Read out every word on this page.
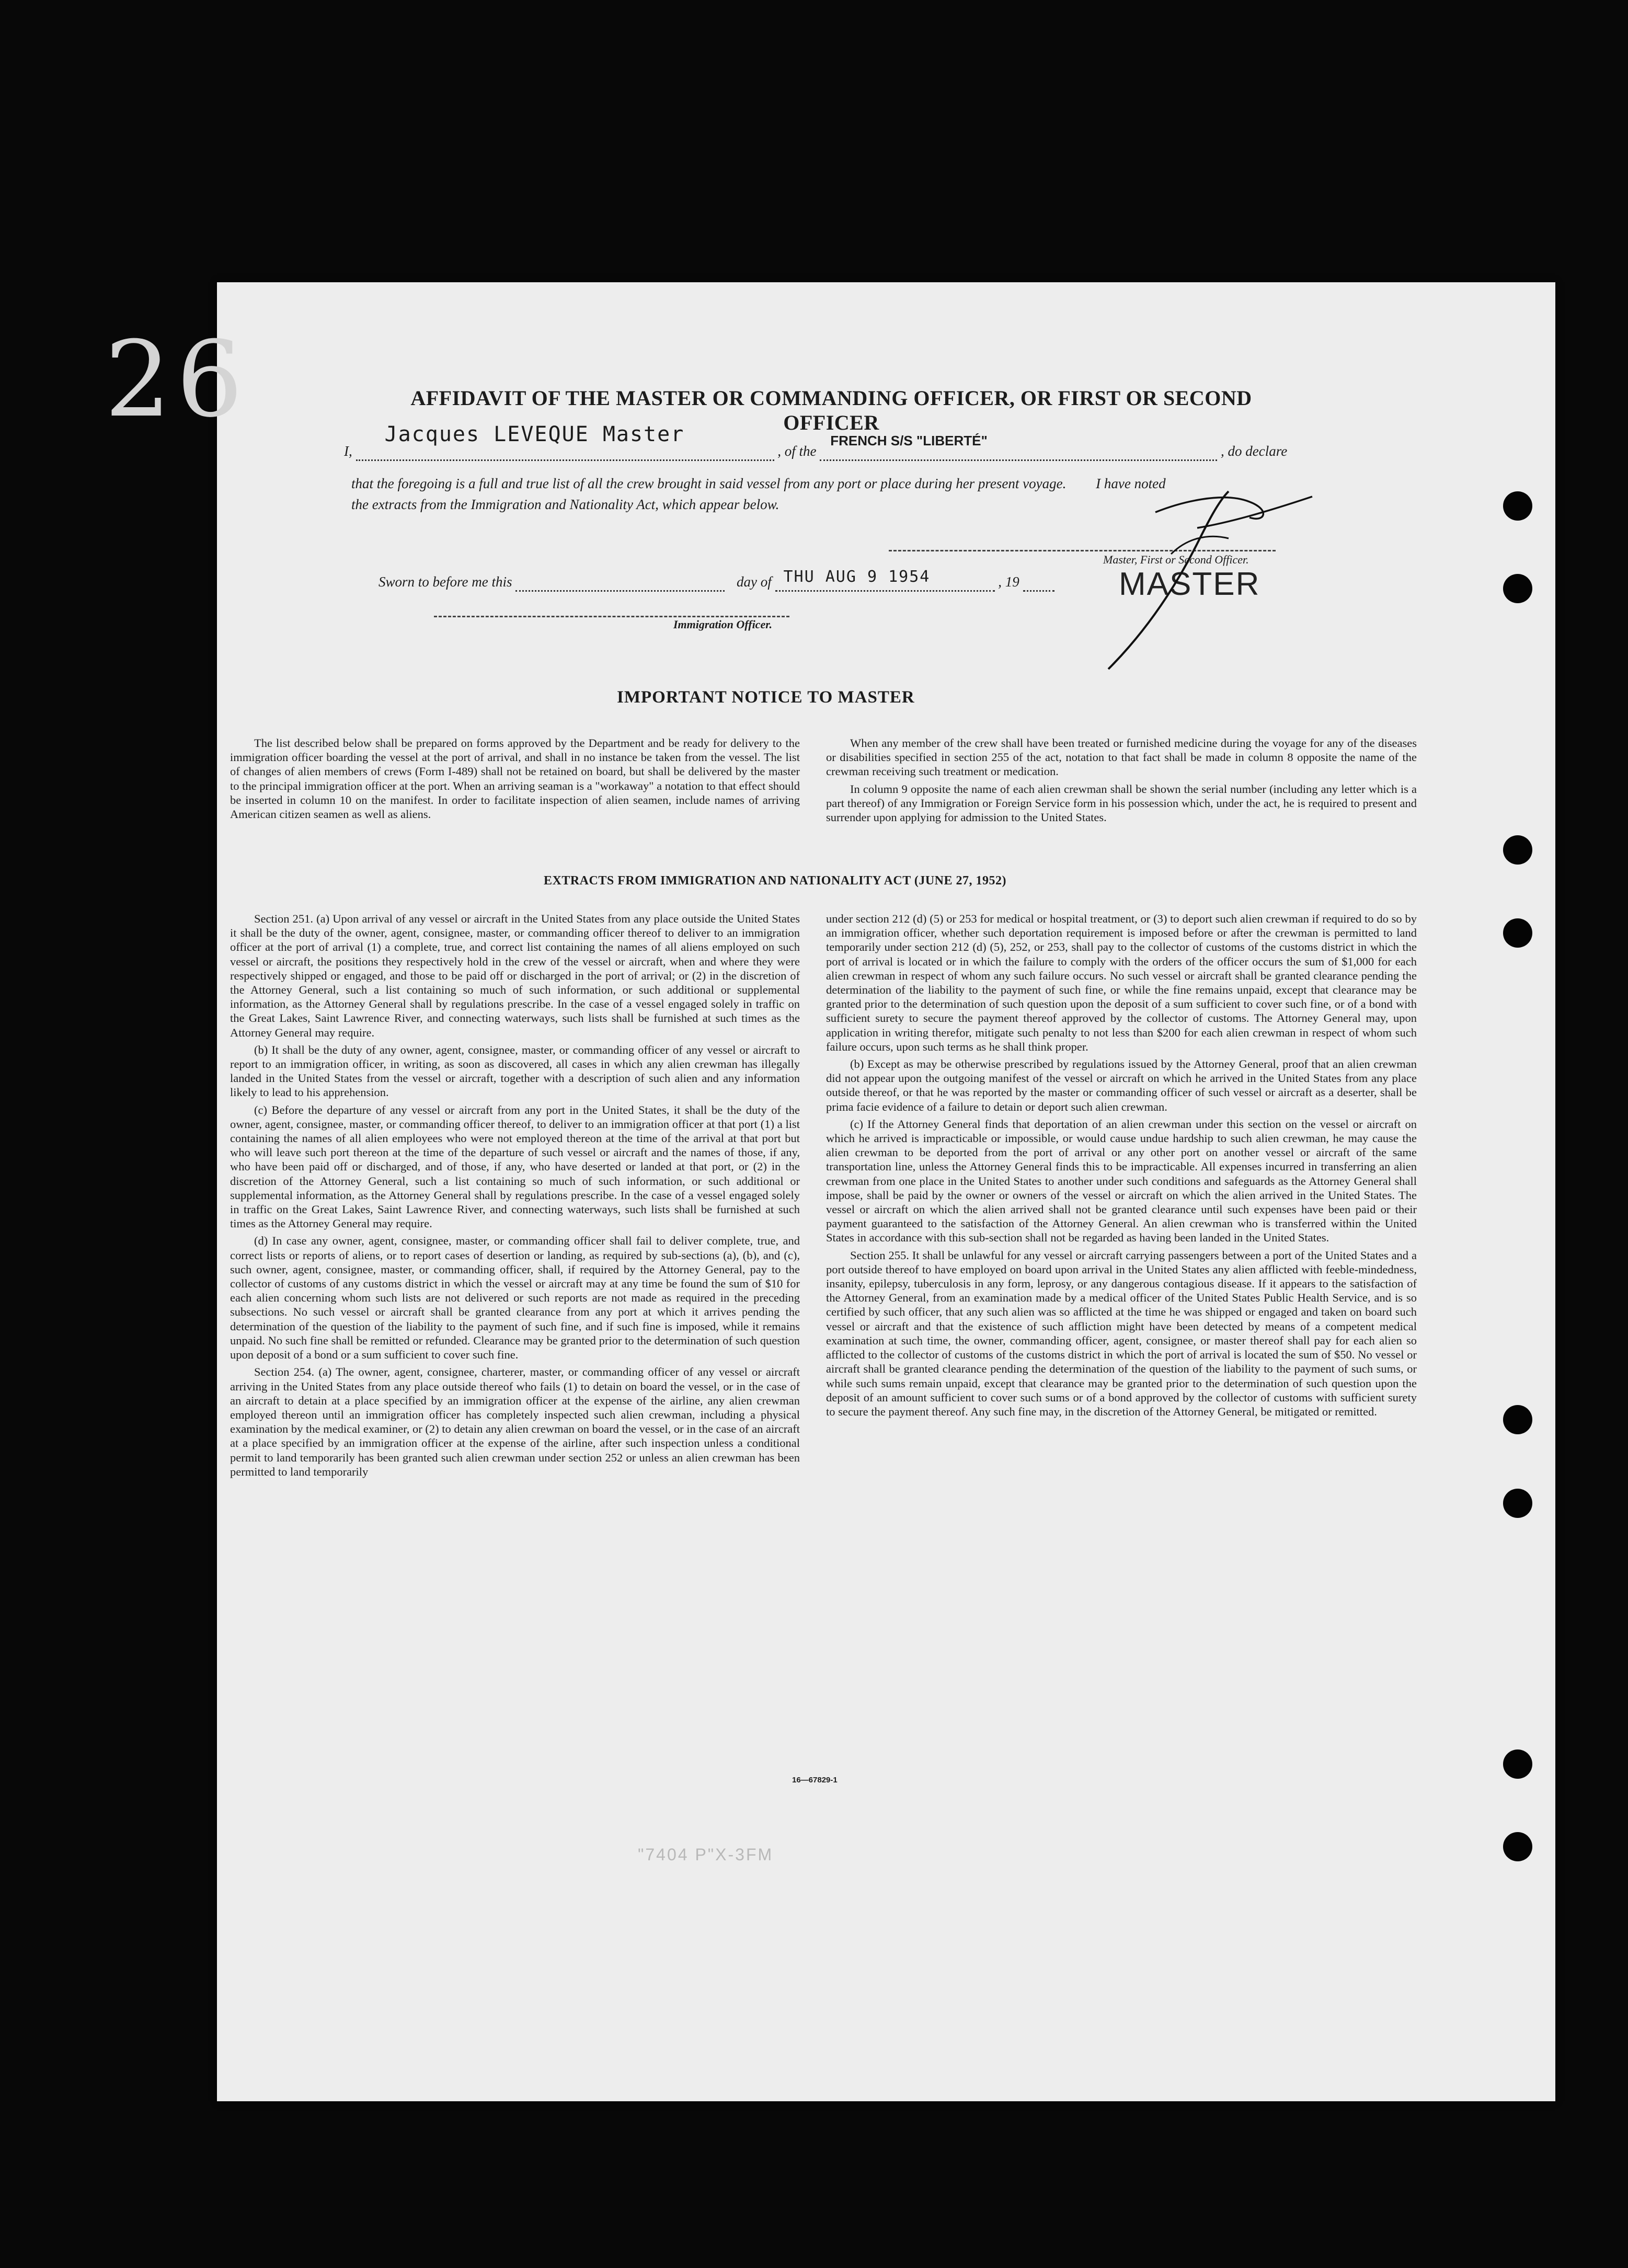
26	AFFIDAVIT OF THE MASTER OR COMMANDING OFFICER, OR FIRST OR SECOND OFFICER
I,
Jacques LEVEQUE Master
, of the
FRENCH S/S "LIBERTÉ"
, do declare
that the foregoing is a full and true list of all the crew brought in said vessel from any port or place during her present voyage. I have noted
the extracts from the Immigration and Nationality Act, which appear below.
Master, First or Second Officer.
Sworn to before me this	day of THU AUG 9 1954	, 19	MASTER
Immigration Officer.
IMPORTANT NOTICE TO MASTER

The list described below shall be prepared on forms approved by the Department and be ready for delivery to the immigration officer boarding the vessel at the port of arrival, and shall in no instance be taken from the vessel. The list of changes of alien members of crews (Form I-489) shall not be retained on board, but shall be delivered by the master to the principal immigration officer at the port. When an arriving seaman is a "workaway" a notation to that effect should be inserted in column 10 on the manifest. In order to facilitate inspection of alien seamen, include names of arriving American citizen seamen as well as aliens.

When any member of the crew shall have been treated or furnished medicine during the voyage for any of the diseases or disabilities specified in section 255 of the act, notation to that fact shall be made in column 8 opposite the name of the crewman receiving such treatment or medication.

In column 9 opposite the name of each alien crewman shall be shown the serial number (including any letter which is a part thereof) of any Immigration or Foreign Service form in his possession which, under the act, he is required to present and surrender upon applying for admission to the United States.

EXTRACTS FROM IMMIGRATION AND NATIONALITY ACT (JUNE 27, 1952)

Section 251. (a) Upon arrival of any vessel or aircraft in the United States from any place outside the United States it shall be the duty of the owner, agent, consignee, master, or commanding officer thereof to deliver to an immigration officer at the port of arrival (1) a complete, true, and correct list containing the names of all aliens employed on such vessel or aircraft, the positions they respectively hold in the crew of the vessel or aircraft, when and where they were respectively shipped or engaged, and those to be paid off or discharged in the port of arrival; or (2) in the discretion of the Attorney General, such a list containing so much of such information, or such additional or supplemental information, as the Attorney General shall by regulations prescribe. In the case of a vessel engaged solely in traffic on the Great Lakes, Saint Lawrence River, and connecting waterways, such lists shall be furnished at such times as the Attorney General may require.

(b) It shall be the duty of any owner, agent, consignee, master, or commanding officer of any vessel or aircraft to report to an immigration officer, in writing, as soon as discovered, all cases in which any alien crewman has illegally landed in the United States from the vessel or aircraft, together with a description of such alien and any information likely to lead to his apprehension.

(c) Before the departure of any vessel or aircraft from any port in the United States, it shall be the duty of the owner, agent, consignee, master, or commanding officer thereof, to deliver to an immigration officer at that port (1) a list containing the names of all alien employees who were not employed thereon at the time of the arrival at that port but who will leave such port thereon at the time of the departure of such vessel or aircraft and the names of those, if any, who have been paid off or discharged, and of those, if any, who have deserted or landed at that port, or (2) in the discretion of the Attorney General, such a list containing so much of such information, or such additional or supplemental information, as the Attorney General shall by regulations prescribe. In the case of a vessel engaged solely in traffic on the Great Lakes, Saint Lawrence River, and connecting waterways, such lists shall be furnished at such times as the Attorney General may require.

(d) In case any owner, agent, consignee, master, or commanding officer shall fail to deliver complete, true, and correct lists or reports of aliens, or to report cases of desertion or landing, as required by sub-sections (a), (b), and (c), such owner, agent, consignee, master, or commanding officer, shall, if required by the Attorney General, pay to the collector of customs of any customs district in which the vessel or aircraft may at any time be found the sum of $10 for each alien concerning whom such lists are not delivered or such reports are not made as required in the preceding subsections. No such vessel or aircraft shall be granted clearance from any port at which it arrives pending the determination of the question of the liability to the payment of such fine, and if such fine is imposed, while it remains unpaid. No such fine shall be remitted or refunded. Clearance may be granted prior to the determination of such question upon deposit of a bond or a sum sufficient to cover such fine.

Section 254. (a) The owner, agent, consignee, charterer, master, or commanding officer of any vessel or aircraft arriving in the United States from any place outside thereof who fails (1) to detain on board the vessel, or in the case of an aircraft to detain at a place specified by an immigration officer at the expense of the airline, any alien crewman employed thereon until an immigration officer has completely inspected such alien crewman, including a physical examination by the medical examiner, or (2) to detain any alien crewman on board the vessel, or in the case of an aircraft at a place specified by an immigration officer at the expense of the airline, after such inspection unless a conditional permit to land temporarily has been granted such alien crewman under section 252 or unless an alien crewman has been permitted to land temporarily

under section 212 (d) (5) or 253 for medical or hospital treatment, or (3) to deport such alien crewman if required to do so by an immigration officer, whether such deportation requirement is imposed before or after the crewman is permitted to land temporarily under section 212 (d) (5), 252, or 253, shall pay to the collector of customs of the customs district in which the port of arrival is located or in which the failure to comply with the orders of the officer occurs the sum of $1,000 for each alien crewman in respect of whom any such failure occurs. No such vessel or aircraft shall be granted clearance pending the determination of the liability to the payment of such fine, or while the fine remains unpaid, except that clearance may be granted prior to the determination of such question upon the deposit of a sum sufficient to cover such fine, or of a bond with sufficient surety to secure the payment thereof approved by the collector of customs. The Attorney General may, upon application in writing therefor, mitigate such penalty to not less than $200 for each alien crewman in respect of whom such failure occurs, upon such terms as he shall think proper.

(b) Except as may be otherwise prescribed by regulations issued by the Attorney General, proof that an alien crewman did not appear upon the outgoing manifest of the vessel or aircraft on which he arrived in the United States from any place outside thereof, or that he was reported by the master or commanding officer of such vessel or aircraft as a deserter, shall be prima facie evidence of a failure to detain or deport such alien crewman.

(c) If the Attorney General finds that deportation of an alien crewman under this section on the vessel or aircraft on which he arrived is impracticable or impossible, or would cause undue hardship to such alien crewman, he may cause the alien crewman to be deported from the port of arrival or any other port on another vessel or aircraft of the same transportation line, unless the Attorney General finds this to be impracticable. All expenses incurred in transferring an alien crewman from one place in the United States to another under such conditions and safeguards as the Attorney General shall impose, shall be paid by the owner or owners of the vessel or aircraft on which the alien arrived in the United States. The vessel or aircraft on which the alien arrived shall not be granted clearance until such expenses have been paid or their payment guaranteed to the satisfaction of the Attorney General. An alien crewman who is transferred within the United States in accordance with this sub-section shall not be regarded as having been landed in the United States.

Section 255. It shall be unlawful for any vessel or aircraft carrying passengers between a port of the United States and a port outside thereof to have employed on board upon arrival in the United States any alien afflicted with feeble-mindedness, insanity, epilepsy, tuberculosis in any form, leprosy, or any dangerous contagious disease. If it appears to the satisfaction of the Attorney General, from an examination made by a medical officer of the United States Public Health Service, and is so certified by such officer, that any such alien was so afflicted at the time he was shipped or engaged and taken on board such vessel or aircraft and that the existence of such affliction might have been detected by means of a competent medical examination at such time, the owner, commanding officer, agent, consignee, or master thereof shall pay for each alien so afflicted to the collector of customs of the customs district in which the port of arrival is located the sum of $50. No vessel or aircraft shall be granted clearance pending the determination of the question of the liability to the payment of such sums, or while such sums remain unpaid, except that clearance may be granted prior to the determination of such question upon the deposit of an amount sufficient to cover such sums or of a bond approved by the collector of customs with sufficient surety to secure the payment thereof. Any such fine may, in the discretion of the Attorney General, be mitigated or remitted.

16—67829-1
"7404 P"X-3FM
